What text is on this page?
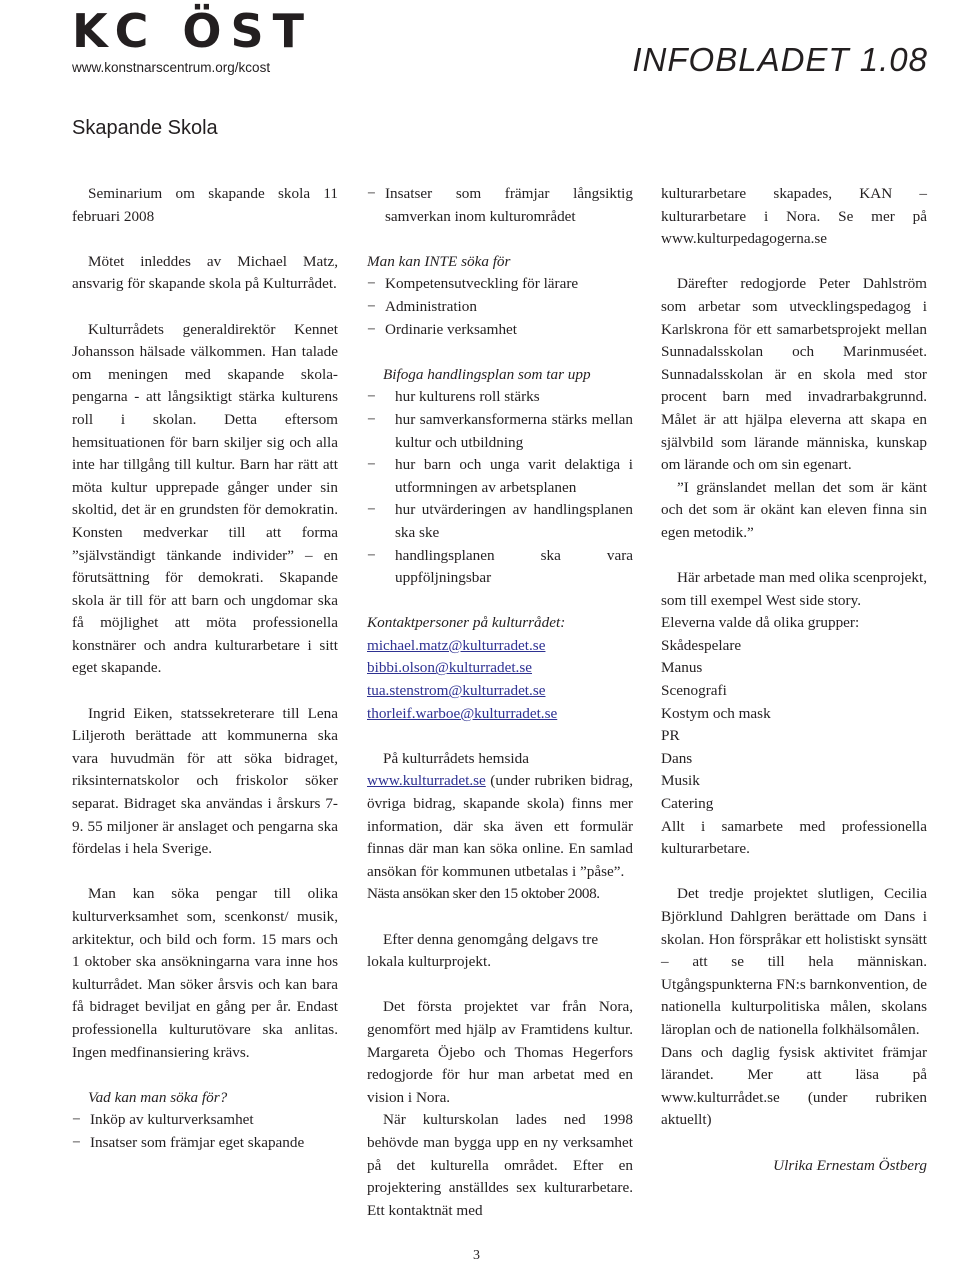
KC ÖST
www.konstnarscentrum.org/kcost	INFOBLADET 1.08
Skapande Skola

Seminarium om skapande skola 11 februari 2008

Mötet inleddes av Michael Matz, ansvarig för skapande skola på Kulturrådet.

Kulturrådets generaldirektör Kennet Johansson hälsade välkommen. Han talade om meningen med skapande skola-pengarna - att långsiktigt stärka kulturens roll i skolan. Detta eftersom hemsituationen för barn skiljer sig och alla inte har tillgång till kultur. Barn har rätt att möta kultur upprepade gånger under sin skoltid, det är en grundsten för demokratin. Konsten medverkar till att forma ”självständigt tänkande individer” – en förutsättning för demokrati. Skapande skola är till för att barn och ungdomar ska få möjlighet att möta professionella konstnärer och andra kulturarbetare i sitt eget skapande.

Ingrid Eiken, statssekreterare till Lena Liljeroth berättade att kommunerna ska vara huvudmän för att söka bidraget, riksinternatskolor och friskolor söker separat. Bidraget ska användas i årskurs 7-9. 55 miljoner är anslaget och pengarna ska fördelas i hela Sverige.

Man kan söka pengar till olika kulturverksamhet som, scenkonst/ musik, arkitektur, och bild och form. 15 mars och 1 oktober ska ansökningarna vara inne hos kulturrådet. Man söker årsvis och kan bara få bidraget beviljat en gång per år. Endast professionella kulturutövare ska anlitas. Ingen medfinansiering krävs.

Vad kan man söka för?

− Inköp av kulturverksamhet
− Insatser som främjar eget skapande
− Insatser som främjar långsiktig samverkan inom kulturområdet

Man kan INTE söka för

− Kompetensutveckling för lärare
− Administration
− Ordinarie verksamhet

Bifoga handlingsplan som tar upp

− hur kulturens roll stärks
− hur samverkansformerna stärks mellan kultur och utbildning
− hur barn och unga varit delaktiga i utformningen av arbetsplanen
− hur utvärderingen av handlingsplanen ska ske
− handlingsplanen ska vara uppföljningsbar

Kontaktpersoner på kulturrådet:

michael.matz@kulturradet.se

bibbi.olson@kulturradet.se

tua.stenstrom@kulturradet.se

thorleif.warboe@kulturradet.se

På kulturrådets hemsida

www.kulturradet.se (under rubriken bidrag, övriga bidrag, skapande skola) finns mer information, där ska även ett formulär finnas där man kan söka online. En samlad ansökan för kommunen utbetalas i ”påse”.

Nästa ansökan sker den 15 oktober 2008.

Efter denna genomgång delgavs tre lokala kulturprojekt.

Det första projektet var från Nora, genomfört med hjälp av Framtidens kultur. Margareta Öjebo och Thomas Hegerfors redogjorde för hur man arbetat med en vision i Nora.

När kulturskolan lades ned 1998 behövde man bygga upp en ny verksamhet på det kulturella området. Efter en projektering anställdes sex kulturarbetare. Ett kontaktnät med

kulturarbetare skapades, KAN – kulturarbetare i Nora. Se mer på www.kulturpedagogerna.se

Därefter redogjorde Peter Dahlström som arbetar som utvecklingspedagog i Karlskrona för ett samarbetsprojekt mellan Sunnadalsskolan och Marinmuséet. Sunnadalsskolan är en skola med stor procent barn med invadrarbakgrunnd. Målet är att hjälpa eleverna att skapa en självbild som lärande människa, kunskap om lärande och om sin egenart.

”I gränslandet mellan det som är känt och det som är okänt kan eleven finna sin egen metodik.”

Här arbetade man med olika scenprojekt, som till exempel West side story.

Eleverna valde då olika grupper:

Skådespelare

Manus

Scenografi

Kostym och mask

PR

Dans

Musik

Catering

Allt i samarbete med professionella kulturarbetare.

Det tredje projektet slutligen, Cecilia Björklund Dahlgren berättade om Dans i skolan. Hon förspråkar ett holistiskt synsätt – att se till hela människan. Utgångspunkterna FN:s barnkonvention, de nationella kulturpolitiska målen, skolans läroplan och de nationella folkhälsomålen.

Dans och daglig fysisk aktivitet främjar lärandet. Mer att läsa på www.kulturrådet.se (under rubriken aktuellt)

Ulrika Ernestam Östberg

3
